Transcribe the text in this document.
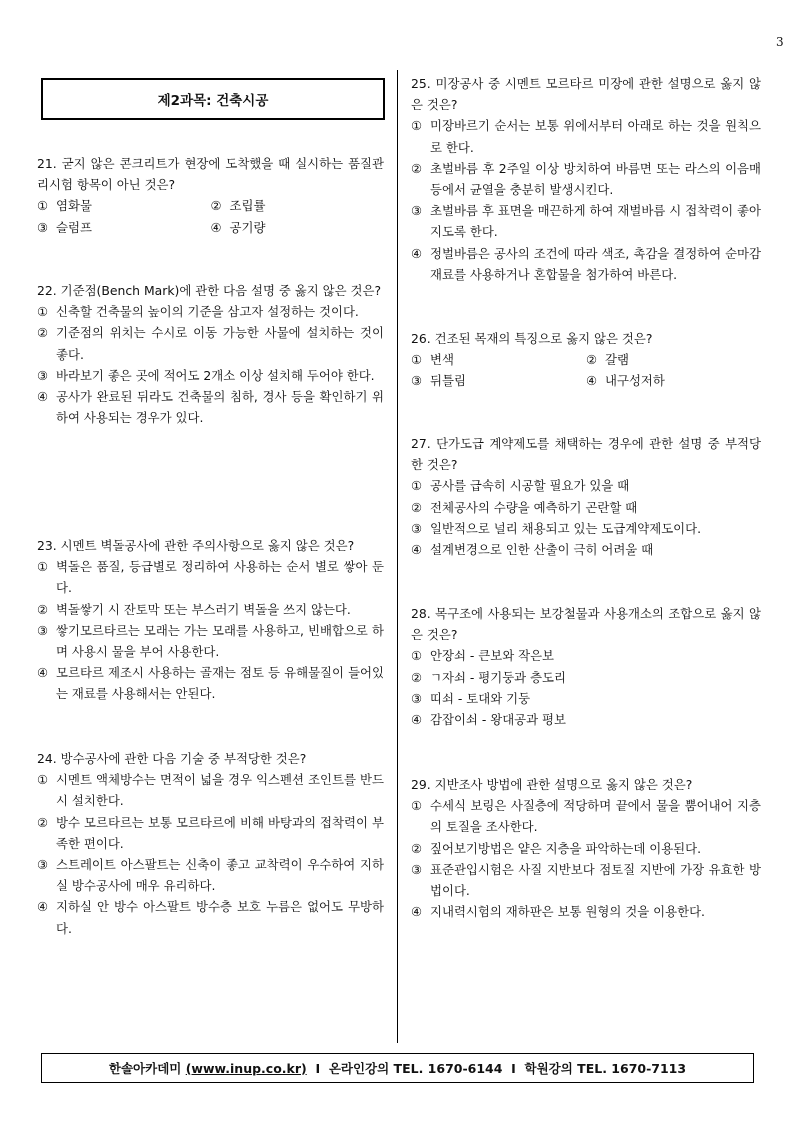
3
제2과목: 건축시공
21. 굳지 않은 콘크리트가 현장에 도착했을 때 실시하는 품질관리시험 항목이 아닌 것은?
① 염화물	② 조립률
③ 슬럼프	④ 공기량
22. 기준점(Bench Mark)에 관한 다음 설명 중 옳지 않은 것은?
① 신축할 건축물의 높이의 기준을 삼고자 설정하는 것이다.
② 기준점의 위치는 수시로 이동 가능한 사물에 설치하는 것이 좋다.
③ 바라보기 좋은 곳에 적어도 2개소 이상 설치해 두어야 한다.
④ 공사가 완료된 뒤라도 건축물의 침하, 경사 등을 확인하기 위하여 사용되는 경우가 있다.
23. 시멘트 벽돌공사에 관한 주의사항으로 옳지 않은 것은?
① 벽돌은 품질, 등급별로 정리하여 사용하는 순서 별로 쌓아 둔다.
② 벽돌쌓기 시 잔토막 또는 부스러기 벽돌을 쓰지 않는다.
③ 쌓기모르타르는 모래는 가는 모래를 사용하고, 빈배합으로 하며 사용시 물을 부어 사용한다.
④ 모르타르 제조시 사용하는 골재는 점토 등 유해물질이 들어있는 재료를 사용해서는 안된다.
24. 방수공사에 관한 다음 기술 중 부적당한 것은?
① 시멘트 액체방수는 면적이 넓을 경우 익스펜션 조인트를 반드시 설치한다.
② 방수 모르타르는 보통 모르타르에 비해 바탕과의 접착력이 부족한 편이다.
③ 스트레이트 아스팔트는 신축이 좋고 교착력이 우수하여 지하실 방수공사에 매우 유리하다.
④ 지하실 안 방수 아스팔트 방수층 보호 누름은 없어도 무방하다.
25. 미장공사 중 시멘트 모르타르 미장에 관한 설명으로 옳지 않은 것은?
① 미장바르기 순서는 보통 위에서부터 아래로 하는 것을 원칙으로 한다.
② 초벌바름 후 2주일 이상 방치하여 바름면 또는 라스의 이음매 등에서 균열을 충분히 발생시킨다.
③ 초벌바름 후 표면을 매끈하게 하여 재벌바름 시 접착력이 좋아지도록 한다.
④ 정벌바름은 공사의 조건에 따라 색조, 촉감을 결정하여 순마감재료를 사용하거나 혼합물을 첨가하여 바른다.
26. 건조된 목재의 특징으로 옳지 않은 것은?
① 변색	② 갈램
③ 뒤틀림	④ 내구성저하
27. 단가도급 계약제도를 채택하는 경우에 관한 설명 중 부적당한 것은?
① 공사를 급속히 시공할 필요가 있을 때
② 전체공사의 수량을 예측하기 곤란할 때
③ 일반적으로 널리 채용되고 있는 도급계약제도이다.
④ 설계변경으로 인한 산출이 극히 어려울 때
28. 목구조에 사용되는 보강철물과 사용개소의 조합으로 옳지 않은 것은?
① 안장쇠 - 큰보와 작은보
② ㄱ자쇠 - 평기둥과 층도리
③ 띠쇠 - 토대와 기둥
④ 감잡이쇠 - 왕대공과 평보
29. 지반조사 방법에 관한 설명으로 옳지 않은 것은?
① 수세식 보링은 사질층에 적당하며 끝에서 물을 뿜어내어 지층의 토질을 조사한다.
② 짚어보기방법은 얕은 지층을 파악하는데 이용된다.
③ 표준관입시험은 사질 지반보다 점토질 지반에 가장 유효한 방법이다.
④ 지내력시험의 재하판은 보통 원형의 것을 이용한다.
한솔아카데미 (www.inup.co.kr) I 온라인강의 TEL. 1670-6144 I 학원강의 TEL. 1670-7113
